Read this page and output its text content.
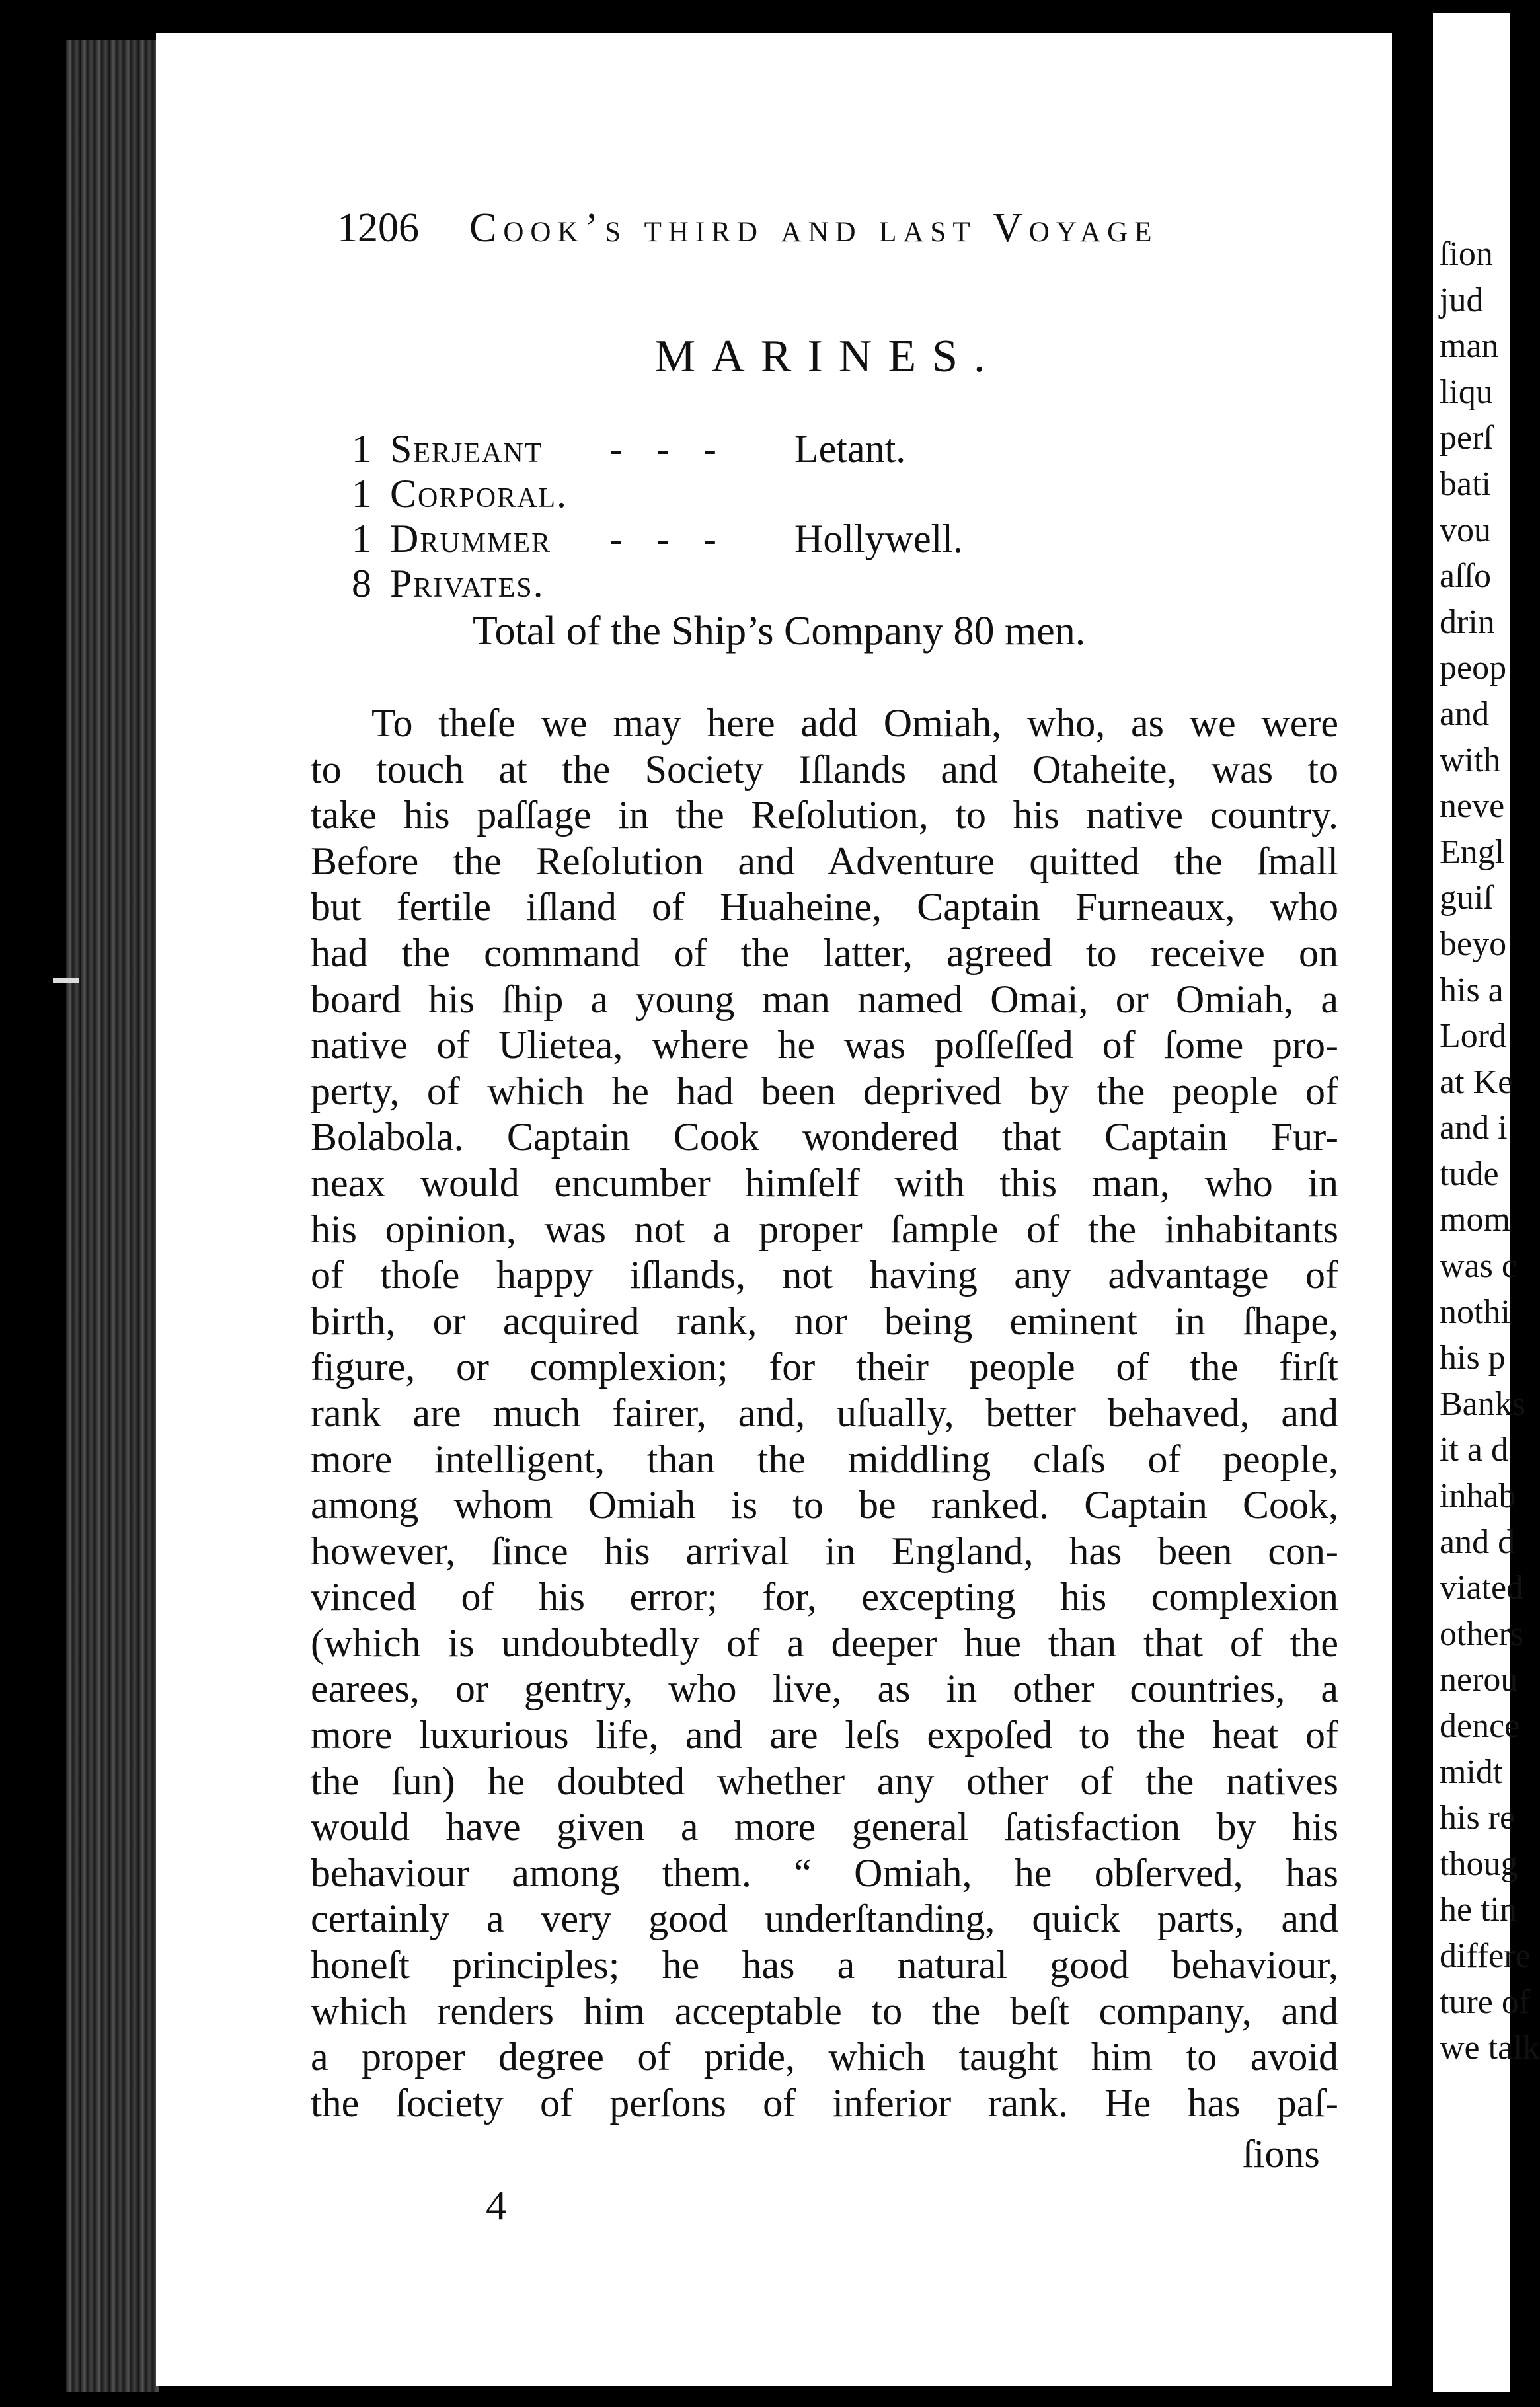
1206 Cook’s third and last Voyage
MARINES.
1 Serjeant - - - Letant.
1 Corporal.
1 Drummer - - - Hollywell.
8 Privates.
Total of the Ship’s Company 80 men.
To theſe we may here add Omiah, who, as we were
to touch at the Society Iſlands and Otaheite, was to
take his paſſage in the Reſolution, to his native country.
Before the Reſolution and Adventure quitted the ſmall
but fertile iſland of Huaheine, Captain Furneaux, who
had the command of the latter, agreed to receive on
board his ſhip a young man named Omai, or Omiah, a
native of Ulietea, where he was poſſeſſed of ſome pro-
perty, of which he had been deprived by the people of
Bolabola. Captain Cook wondered that Captain Fur-
neax would encumber himſelf with this man, who in
his opinion, was not a proper ſample of the inhabitants
of thoſe happy iſlands, not having any advantage of
birth, or acquired rank, nor being eminent in ſhape,
figure, or complexion; for their people of the firſt
rank are much fairer, and, uſually, better behaved, and
more intelligent, than the middling claſs of people,
among whom Omiah is to be ranked. Captain Cook,
however, ſince his arrival in England, has been con-
vinced of his error; for, excepting his complexion
(which is undoubtedly of a deeper hue than that of the
earees, or gentry, who live, as in other countries, a
more luxurious life, and are leſs expoſed to the heat of
the ſun) he doubted whether any other of the natives
would have given a more general ſatisfaction by his
behaviour among them. “ Omiah, he obſerved, has
certainly a very good underſtanding, quick parts, and
honeſt principles; he has a natural good behaviour,
which renders him acceptable to the beſt company, and
a proper degree of pride, which taught him to avoid
the ſociety of perſons of inferior rank. He has paſ-
ſions
4
ſion
jud
man
liqu
perſ
bati
vou
aſſo
drin
peop
and
with
neve
Engl
guiſ
beyo
his a
Lord
at Ke
and i
tude
mom
was c
nothi
his p
Banks
it a d
inhab
and d
viated
others
nerou
dence
midt
his re
thoug
he tin
differe
ture of
we talk
